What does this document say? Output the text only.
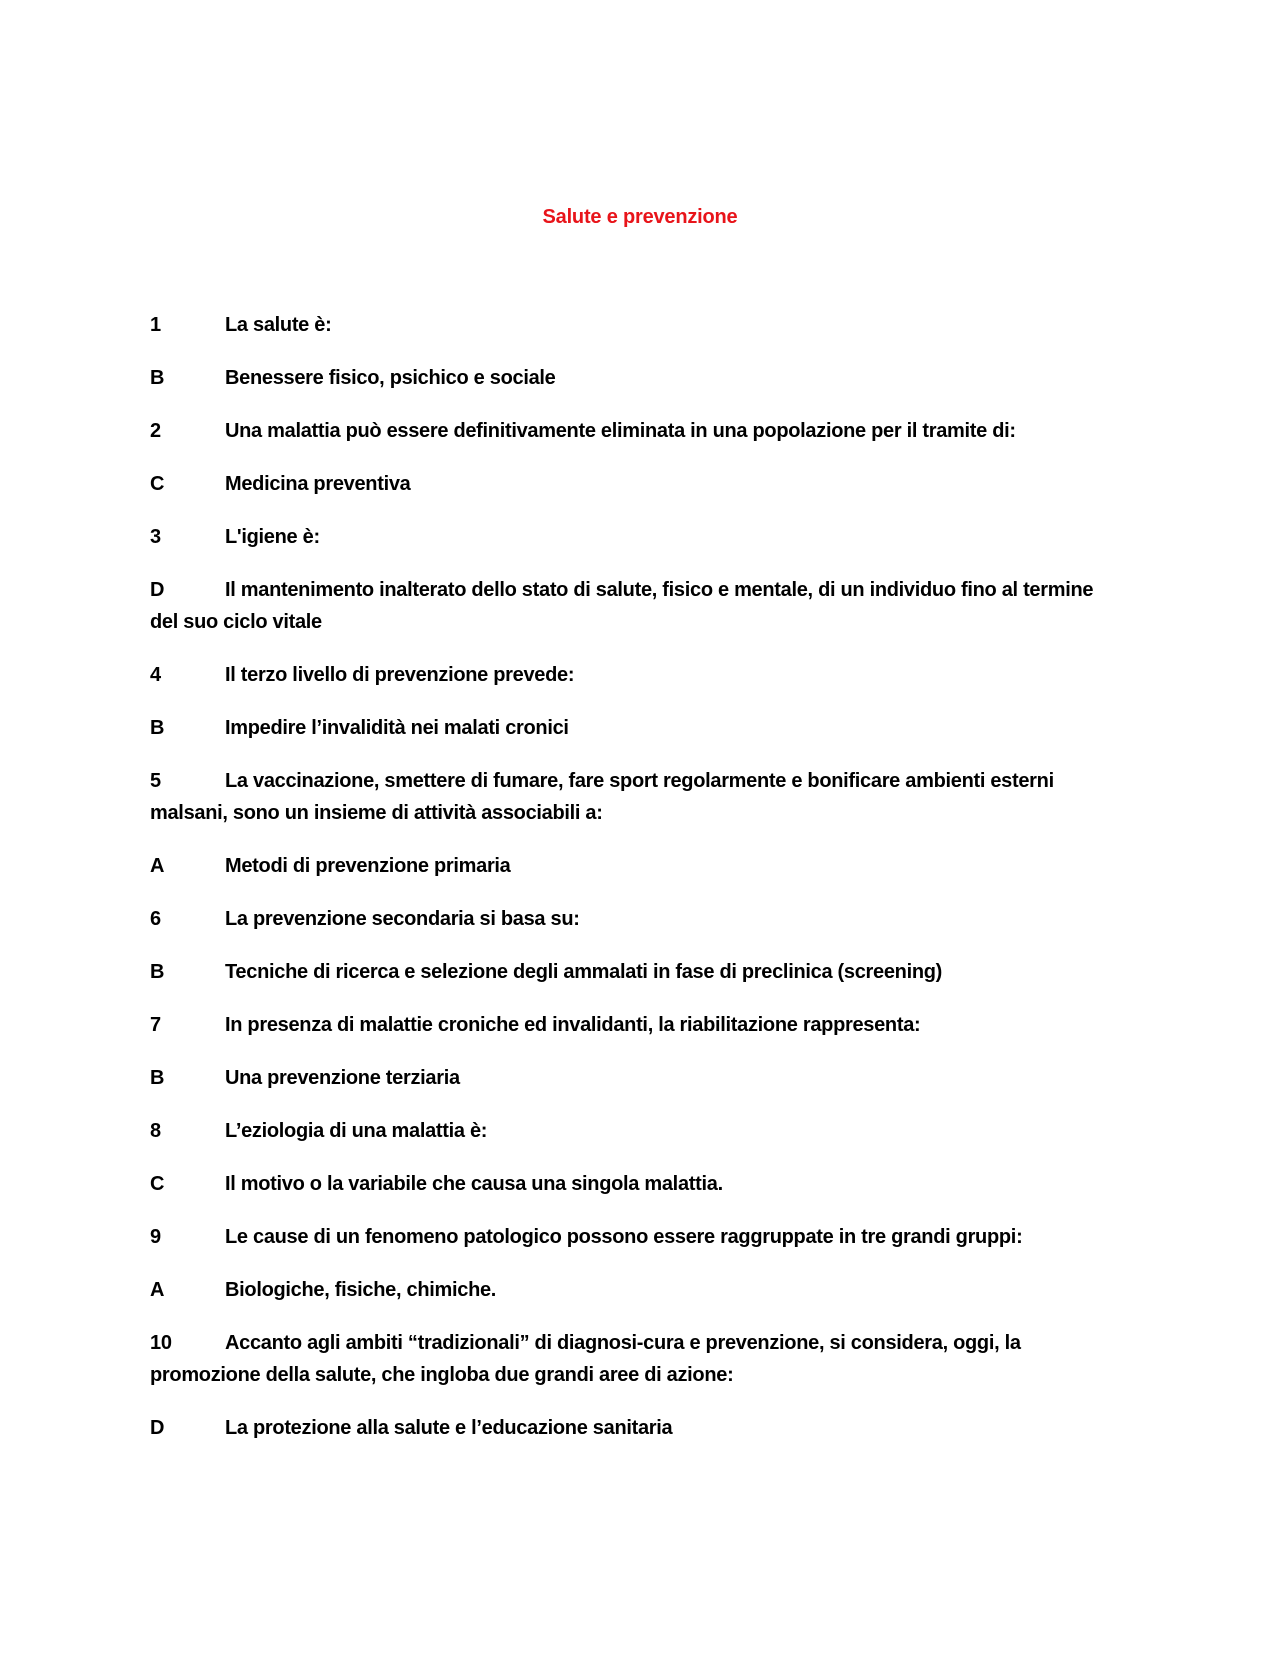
Salute e prevenzione

1	La salute è:

B	Benessere fisico, psichico e sociale

2	Una malattia può essere definitivamente eliminata in una popolazione per il tramite di:

C	Medicina preventiva

3	L'igiene è:

D	Il mantenimento inalterato dello stato di salute, fisico e mentale, di un individuo fino al termine del suo ciclo vitale

4	Il terzo livello di prevenzione prevede:

B	Impedire l’invalidità nei malati cronici

5	La vaccinazione, smettere di fumare, fare sport regolarmente e bonificare ambienti esterni malsani, sono un insieme di attività associabili a:

A	Metodi di prevenzione primaria

6	La prevenzione secondaria si basa su:

B	Tecniche di ricerca e selezione degli ammalati in fase di preclinica (screening)

7	In presenza di malattie croniche ed invalidanti, la riabilitazione rappresenta:

B	Una prevenzione terziaria

8	L’eziologia di una malattia è:

C	Il motivo o la variabile che causa una singola malattia.

9	Le cause di un fenomeno patologico possono essere raggruppate in tre grandi gruppi:

A	Biologiche, fisiche, chimiche.

10	Accanto agli ambiti “tradizionali” di diagnosi-cura e prevenzione, si considera, oggi, la promozione della salute, che ingloba due grandi aree di azione:

D	La protezione alla salute e l’educazione sanitaria
